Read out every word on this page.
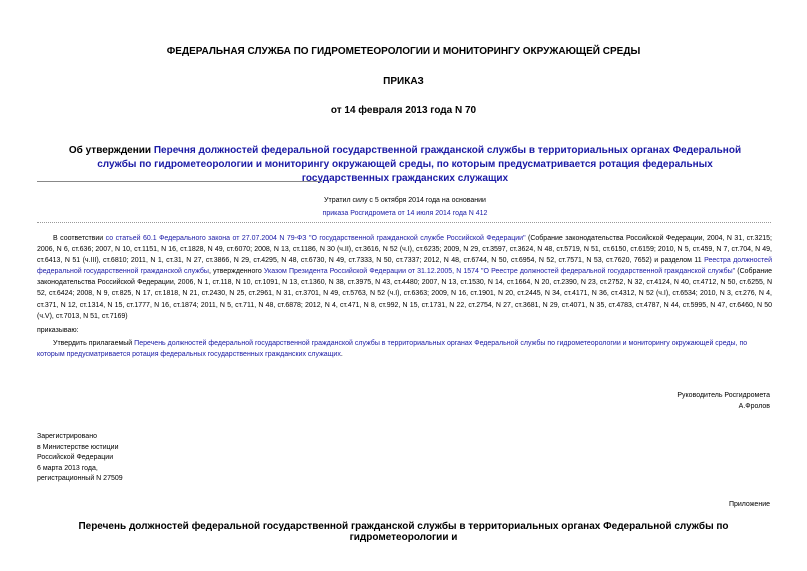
ФЕДЕРАЛЬНАЯ СЛУЖБА ПО ГИДРОМЕТЕОРОЛОГИИ И МОНИТОРИНГУ ОКРУЖАЮЩЕЙ СРЕДЫ
ПРИКАЗ
от 14 февраля 2013 года N 70
Об утверждении Перечня должностей федеральной государственной гражданской службы в территориальных органах Федеральной службы по гидрометеорологии и мониторингу окружающей среды, по которым предусматривается ротация федеральных государственных гражданских служащих
Утратил силу с 5 октября 2014 года на основании
приказа Росгидромета от 14 июля 2014 года N 412
В соответствии со статьей 60.1 Федерального закона от 27.07.2004 N 79-ФЗ "О государственной гражданской службе Российской Федерации" (Собрание законодательства Российской Федерации, 2004, N 31, ст.3215; 2006, N 6, ст.636; 2007, N 10, ст.1151, N 16, ст.1828, N 49, ст.6070; 2008, N 13, ст.1186, N 30 (ч.II), ст.3616, N 52 (ч.I), ст.6235; 2009, N 29, ст.3597, ст.3624, N 48, ст.5719, N 51, ст.6150, ст.6159; 2010, N 5, ст.459, N 7, ст.704, N 49, ст.6413, N 51 (ч.III), ст.6810; 2011, N 1, ст.31, N 27, ст.3866, N 29, ст.4295, N 48, ст.6730, N 49, ст.7333, N 50, ст.7337; 2012, N 48, ст.6744, N 50, ст.6954, N 52, ст.7571, N 53, ст.7620, 7652) и разделом 11 Реестра должностей федеральной государственной гражданской службы, утвержденного Указом Президента Российской Федерации от 31.12.2005, N 1574 "О Реестре должностей федеральной государственной гражданской службы" (Собрание законодательства Российской Федерации, 2006, N 1, ст.118, N 10, ст.1091, N 13, ст.1360, N 38, ст.3975, N 43, ст.4480; 2007, N 13, ст.1530, N 14, ст.1664, N 20, ст.2390, N 23, ст.2752, N 32, ст.4124, N 40, ст.4712, N 50, ст.6255, N 52, ст.6424; 2008, N 9, ст.825, N 17, ст.1818, N 21, ст.2430, N 25, ст.2961, N 31, ст.3701, N 49, ст.5763, N 52 (ч.I), ст.6363; 2009, N 16, ст.1901, N 20, ст.2445, N 34, ст.4171, N 36, ст.4312, N 52 (ч.I), ст.6534; 2010, N 3, ст.276, N 4, ст.371, N 12, ст.1314, N 15, ст.1777, N 16, ст.1874; 2011, N 5, ст.711, N 48, ст.6878; 2012, N 4, ст.471, N 8, ст.992, N 15, ст.1731, N 22, ст.2754, N 27, ст.3681, N 29, ст.4071, N 35, ст.4783, ст.4787, N 44, ст.5995, N 47, ст.6460, N 50 (ч.V), ст.7013, N 51, ст.7169)
приказываю:
Утвердить прилагаемый Перечень должностей федеральной государственной гражданской службы в территориальных органах Федеральной службы по гидрометеорологии и мониторингу окружающей среды, по которым предусматривается ротация федеральных государственных гражданских служащих.
Руководитель Росгидромета
А.Фролов
Зарегистрировано
в Министерстве юстиции
Российской Федерации
6 марта 2013 года,
регистрационный N 27509
Приложение
Перечень должностей федеральной государственной гражданской службы в территориальных органах Федеральной службы по гидрометеорологии и
